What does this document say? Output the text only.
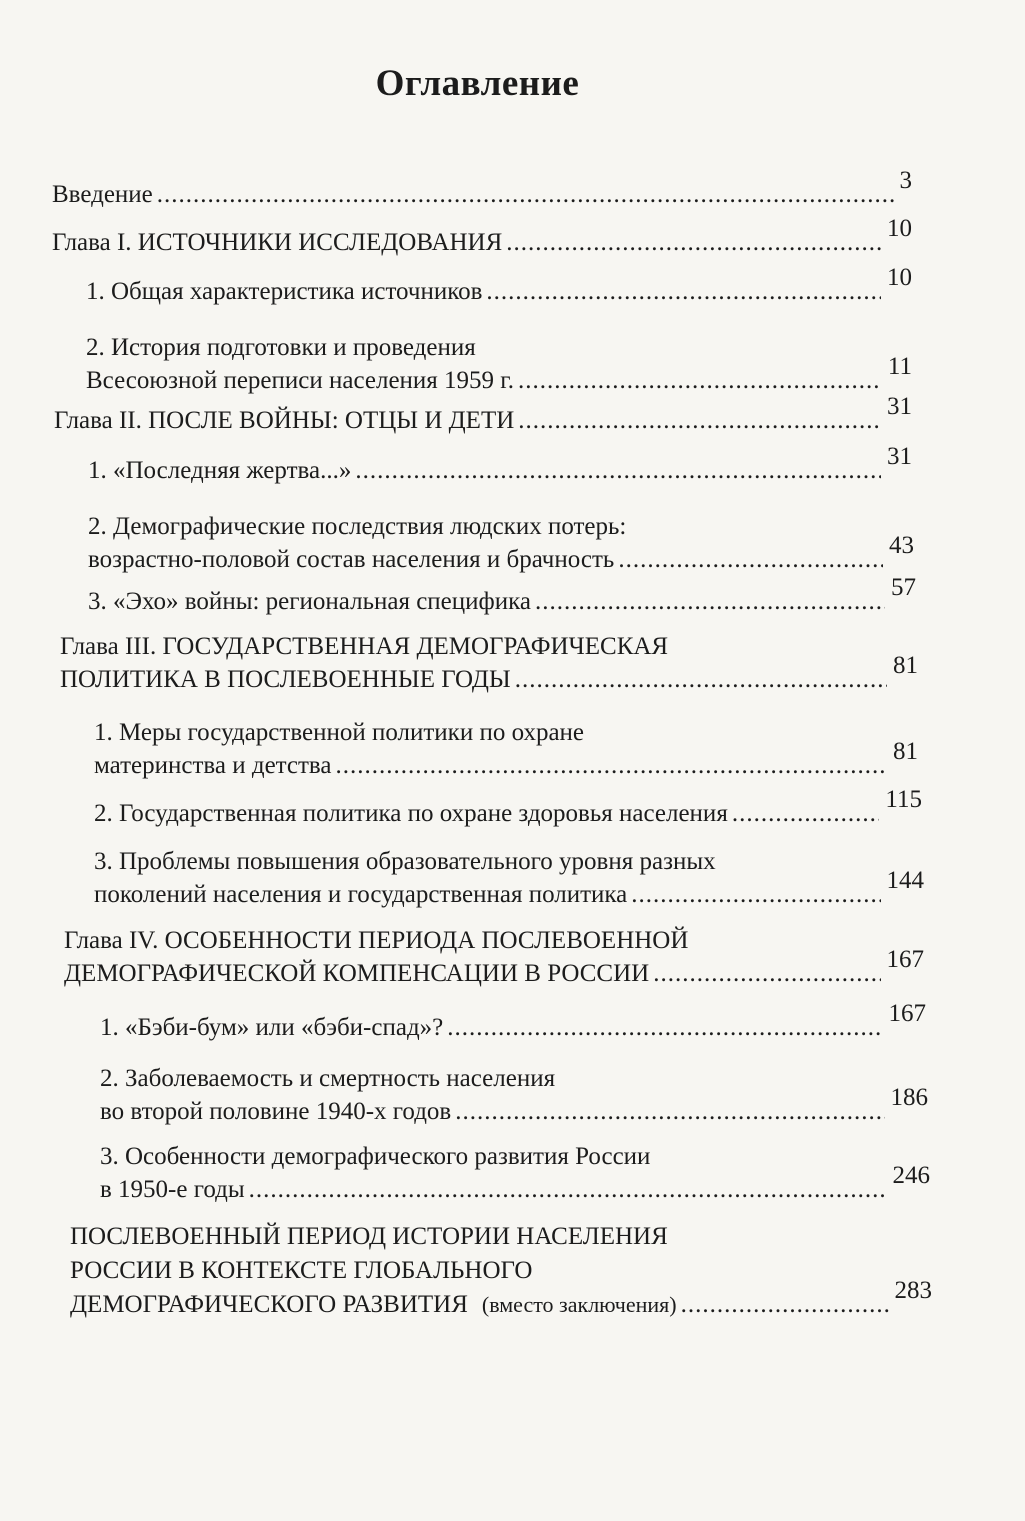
Оглавление
Введение
.....
3
Глава I. ИСТОЧНИКИ ИССЛЕДОВАНИЯ
.....
10
1. Общая характеристика источников
.....
10
2. История подготовки и проведения
Всесоюзной переписи населения 1959 г.
.....
11
Глава II. ПОСЛЕ ВОЙНЫ: ОТЦЫ И ДЕТИ
.....
31
1. «Последняя жертва...»
.....
31
2. Демографические последствия людских потерь:
возрастно-половой состав населения и брачность
.....
43
3. «Эхо» войны: региональная специфика
.....
57
Глава III. ГОСУДАРСТВЕННАЯ ДЕМОГРАФИЧЕСКАЯ
ПОЛИТИКА В ПОСЛЕВОЕННЫЕ ГОДЫ
.....
81
1. Меры государственной политики по охране
материнства и детства
.....
81
2. Государственная политика по охране здоровья населения
.....
115
3. Проблемы повышения образовательного уровня разных
поколений населения и государственная политика
.....
144
Глава IV. ОСОБЕННОСТИ ПЕРИОДА ПОСЛЕВОЕННОЙ
ДЕМОГРАФИЧЕСКОЙ КОМПЕНСАЦИИ В РОССИИ
.....
167
1. «Бэби-бум» или «бэби-спад»?
.....
167
2. Заболеваемость и смертность населения
во второй половине 1940-х годов
.....
186
3. Особенности демографического развития России
в 1950-е годы
.....
246
ПОСЛЕВОЕННЫЙ ПЕРИОД ИСТОРИИ НАСЕЛЕНИЯ
РОССИИ В КОНТЕКСТЕ ГЛОБАЛЬНОГО
ДЕМОГРАФИЧЕСКОГО РАЗВИТИЯ (вместо заключения)
.....
283
